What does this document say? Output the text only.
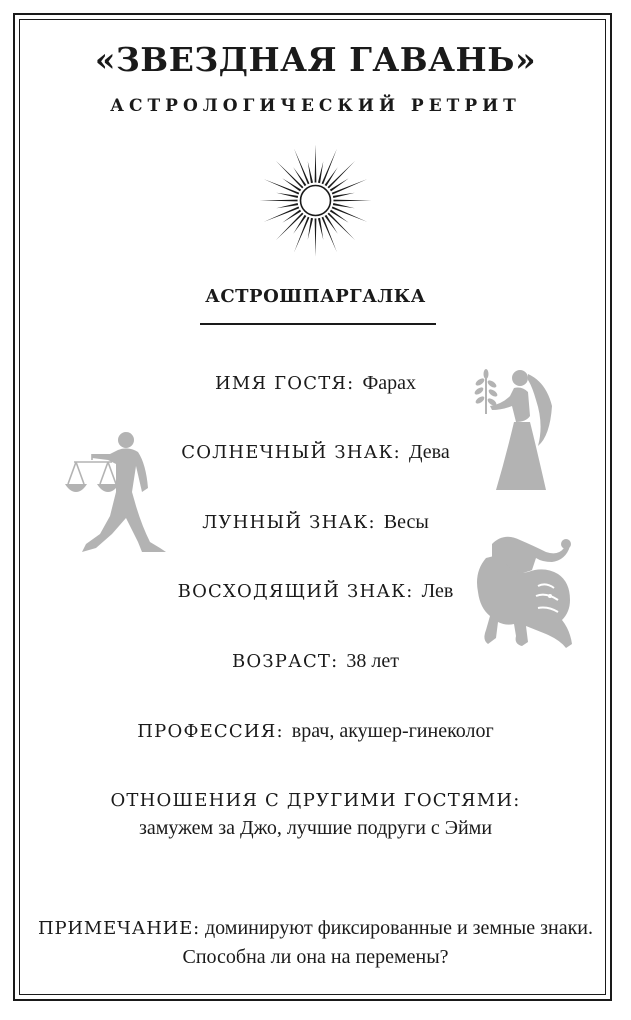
«ЗВЕЗДНАЯ ГАВАНЬ»
АСТРОЛОГИЧЕСКИЙ РЕТРИТ
АСТРОШПАРГАЛКА
ИМЯ ГОСТЯ: Фарах
СОЛНЕЧНЫЙ ЗНАК: Дева
ЛУННЫЙ ЗНАК: Весы
ВОСХОДЯЩИЙ ЗНАК: Лев
ВОЗРАСТ: 38 лет
ПРОФЕССИЯ: врач, акушер-гинеколог
ОТНОШЕНИЯ С ДРУГИМИ ГОСТЯМИ:
замужем за Джо, лучшие подруги с Эйми
ПРИМЕЧАНИЕ: доминируют фиксированные и земные знаки. Способна ли она на перемены?
